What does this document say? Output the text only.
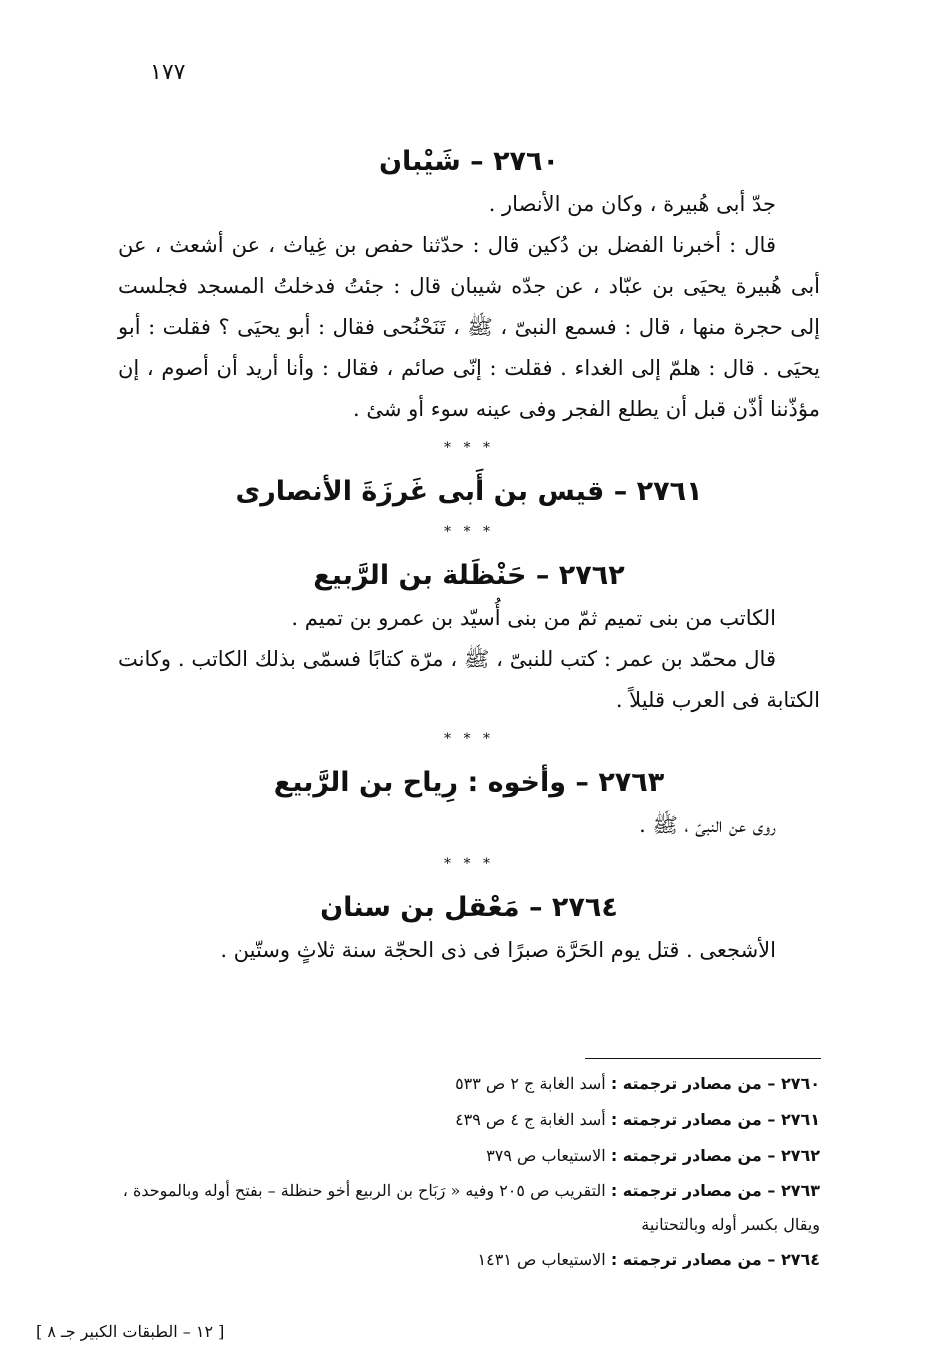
١٧٧
٢٧٦٠ – شَيْبان

جدّ أبى هُبيرة ، وكان من الأنصار .

قال : أخبرنا الفضل بن دُكين قال : حدّثنا حفص بن غِياث ، عن أشعث ، عن أبى هُبيرة يحيَى بن عبّاد ، عن جدّه شيبان قال : جئتُ فدخلتُ المسجد فجلست إلى حجرة منها ، قال : فسمع النبىّ ، ﷺ ، تَنَحْنُحى فقال : أبو يحيَى ؟ فقلت : أبو يحيَى . قال : هلمّ إلى الغداء . فقلت : إنّى صائم ، فقال : وأنا أريد أن أصوم ، إن مؤذّننا أذّن قبل أن يطلع الفجر وفى عينه سوء أو شئ .

* * *
٢٧٦١ – قيس بن أَبى غَرزَةَ الأنصارى
* * *
٢٧٦٢ – حَنْظَلة بن الرَّبيع

الكاتب من بنى تميم ثمّ من بنى أُسيّد بن عمرو بن تميم .

قال محمّد بن عمر : كتب للنبىّ ، ﷺ ، مرّة كتابًا فسمّى بذلك الكاتب . وكانت الكتابة فى العرب قليلاً .

* * *
٢٧٦٣ – وأخوه : رِياح بن الرَّبيع

روى عن النبىّ ، ﷺ .

* * *
٢٧٦٤ – مَعْقل بن سنان

الأشجعى . قتل يوم الحَرَّة صبرًا فى ذى الحجّة سنة ثلاثٍ وستّين .

٢٧٦٠ – من مصادر ترجمته : أسد الغابة ج ٢ ص ٥٣٣

٢٧٦١ – من مصادر ترجمته : أسد الغابة ج ٤ ص ٤٣٩

٢٧٦٢ – من مصادر ترجمته : الاستيعاب ص ٣٧٩

٢٧٦٣ – من مصادر ترجمته : التقريب ص ٢٠٥ وفيه « رَبَاح بن الربيع أخو حنظلة – بفتح أوله وبالموحدة ، ويقال بكسر أوله وبالتحتانية

٢٧٦٤ – من مصادر ترجمته : الاستيعاب ص ١٤٣١

[ ١٢ – الطبقات الكبير جـ ٨ ]
